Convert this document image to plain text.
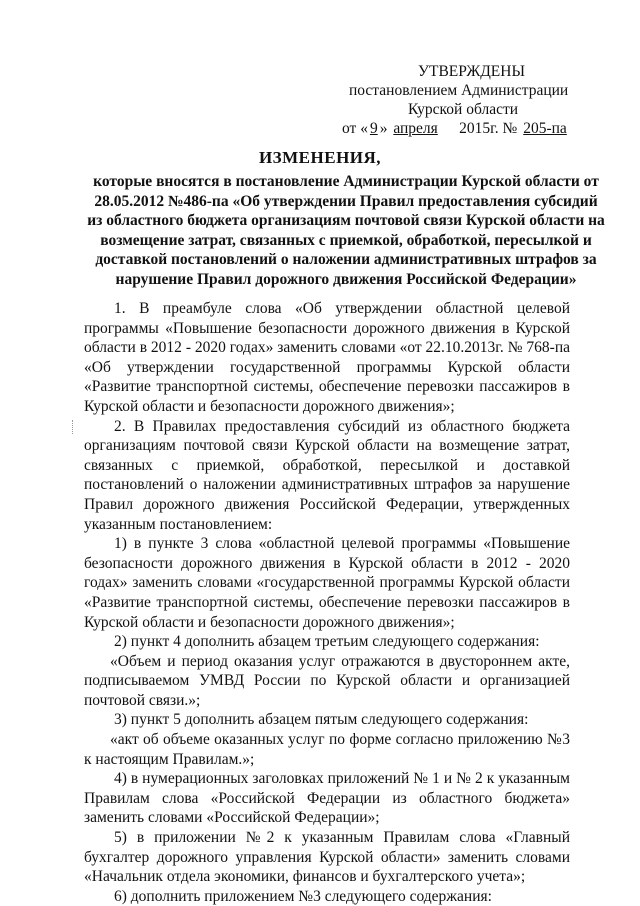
УТВЕРЖДЕНЫ
постановлением Администрации
Курской области
от « 9 » апреля 2015г. № 205-па
ИЗМЕНЕНИЯ,
которые вносятся в постановление Администрации Курской области от 28.05.2012 №486-па «Об утверждении Правил предоставления субсидий из областного бюджета организациям почтовой связи Курской области на возмещение затрат, связанных с приемкой, обработкой, пересылкой и доставкой постановлений о наложении административных штрафов за нарушение Правил дорожного движения Российской Федерации»

1. В преамбуле слова «Об утверждении областной целевой программы «Повышение безопасности дорожного движения в Курской области в 2012 - 2020 годах» заменить словами «от 22.10.2013г. № 768-па «Об утверждении государственной программы Курской области «Развитие транспортной системы, обеспечение перевозки пассажиров в Курской области и безопасности дорожного движения»;

2. В Правилах предоставления субсидий из областного бюджета организациям почтовой связи Курской области на возмещение затрат, связанных с приемкой, обработкой, пересылкой и доставкой постановлений о наложении административных штрафов за нарушение Правил дорожного движения Российской Федерации, утвержденных указанным постановлением:

1) в пункте 3 слова «областной целевой программы «Повышение безопасности дорожного движения в Курской области в 2012 - 2020 годах» заменить словами «государственной программы Курской области «Развитие транспортной системы, обеспечение перевозки пассажиров в Курской области и безопасности дорожного движения»;

2) пункт 4 дополнить абзацем третьим следующего содержания:

«Объем и период оказания услуг отражаются в двустороннем акте, подписываемом УМВД России по Курской области и организацией почтовой связи.»;

3) пункт 5 дополнить абзацем пятым следующего содержания:

«акт об объеме оказанных услуг по форме согласно приложению №3 к настоящим Правилам.»;

4) в нумерационных заголовках приложений № 1 и № 2 к указанным Правилам слова «Российской Федерации из областного бюджета» заменить словами «Российской Федерации»;

5) в приложении №2 к указанным Правилам слова «Главный бухгалтер дорожного управления Курской области» заменить словами «Начальник отдела экономики, финансов и бухгалтерского учета»;

6) дополнить приложением №3 следующего содержания:
